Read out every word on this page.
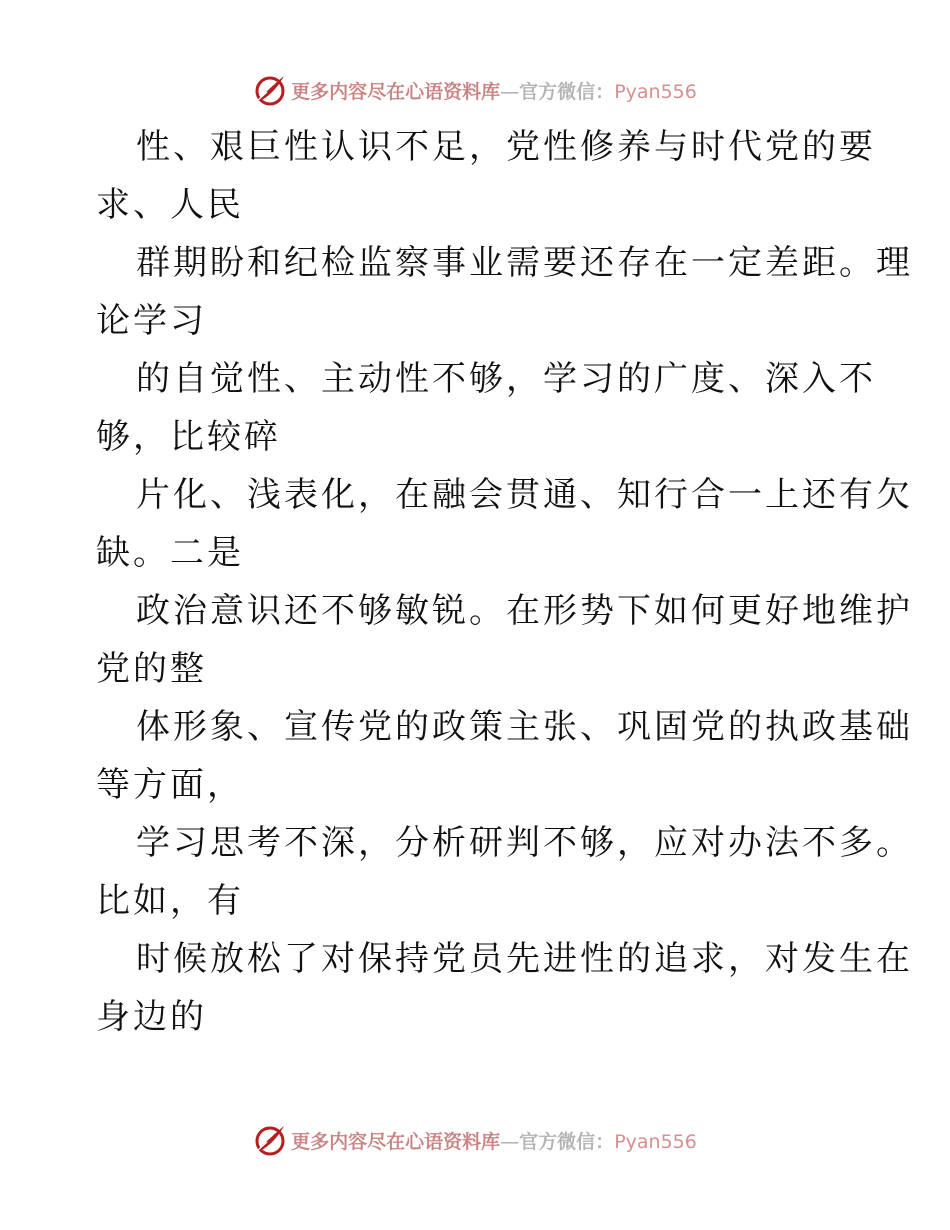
更多内容尽在心语资料库—官方微信：Pyan556
性、艰巨性认识不足，党性修养与时代党的要
求、人民
群期盼和纪检监察事业需要还存在一定差距。理
论学习
的自觉性、主动性不够，学习的广度、深入不
够，比较碎
片化、浅表化，在融会贯通、知行合一上还有欠
缺。二是
政治意识还不够敏锐。在形势下如何更好地维护
党的整
体形象、宣传党的政策主张、巩固党的执政基础
等方面，
学习思考不深，分析研判不够，应对办法不多。
比如，有
时候放松了对保持党员先进性的追求，对发生在
身边的
更多内容尽在心语资料库—官方微信：Pyan556
